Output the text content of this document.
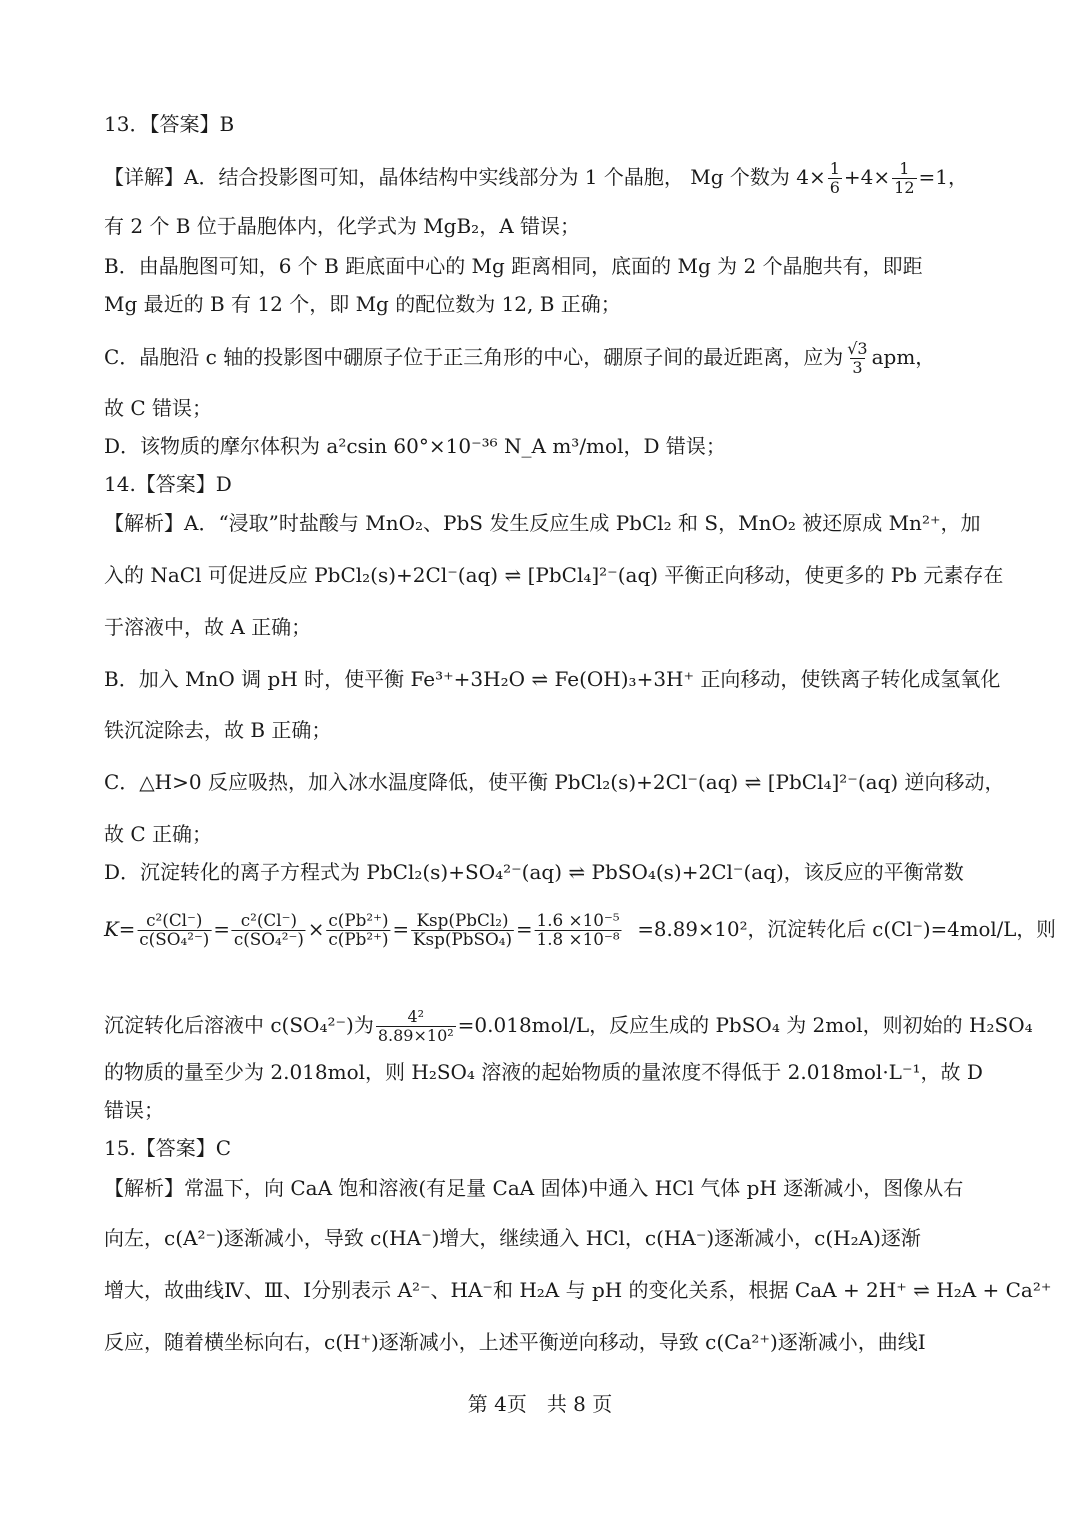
13．【答案】B
【详解】A．结合投影图可知，晶体结构中实线部分为 1 个晶胞， Mg 个数为 $4\times \frac{1}{6} +4\times \frac{1}{12} =1$，
有 2 个 B 位于晶胞体内，化学式为 MgB₂，A 错误；
B．由晶胞图可知，6 个 B 距底面中心的 Mg 距离相同，底面的 Mg 为 2 个晶胞共有，即距
Mg 最近的 B 有 12 个，即 Mg 的配位数为 12, B 正确；
C．晶胞沿 c 轴的投影图中硼原子位于正三角形的中心，硼原子间的最近距离，应为 $\frac{√3}{3}$ apm，
故 C 错误；
D．该物质的摩尔体积为 a²csin 60°×10⁻³⁶ N_A m³/mol，D 错误；
14.【答案】D
【解析】A．“浸取”时盐酸与 MnO₂、PbS 发生反应生成 PbCl₂ 和 S，MnO₂ 被还原成 Mn²⁺，加
入的 NaCl 可促进反应 PbCl₂(s)+2Cl⁻(aq) ⇌ [PbCl₄]²⁻(aq) 平衡正向移动，使更多的 Pb 元素存在
于溶液中，故 A 正确；
B．加入 MnO 调 pH 时，使平衡 Fe³⁺+3H₂O ⇌ Fe(OH)₃+3H⁺ 正向移动，使铁离子转化成氢氧化
铁沉淀除去，故 B 正确；
C．△H>0 反应吸热，加入冰水温度降低，使平衡 PbCl₂(s)+2Cl⁻(aq) ⇌ [PbCl₄]²⁻(aq) 逆向移动，
故 C 正确；
D．沉淀转化的离子方程式为 PbCl₂(s)+SO₄²⁻(aq) ⇌ PbSO₄(s)+2Cl⁻(aq)，该反应的平衡常数
$K= \frac{\text{c²(Cl⁻)}}{\text{c(SO₄²⁻)}} = \frac{\text{c²(Cl⁻)}}{\text{c(SO₄²⁻)}} \times \frac{\text{c(Pb²⁺)}}{\text{c(Pb²⁺)}} = \frac{\text{Ksp(PbCl₂)}}{\text{Ksp(PbSO₄)}} = \frac{\text{1.6 ×10⁻⁵}}{\text{1.8 ×10⁻⁸}} =8.89\times 10^2$，沉淀转化后 c(Cl⁻)=4mol/L，则
沉淀转化后溶液中 c(SO₄²⁻)为 $\frac{\text{4²}}{\text{8.89×10²}} =0.018mol/L$，反应生成的 PbSO₄ 为 2mol，则初始的 H₂SO₄
的物质的量至少为 2.018mol，则 H₂SO₄ 溶液的起始物质的量浓度不得低于 2.018mol·L⁻¹，故 D
错误；
15.【答案】C
【解析】常温下，向 CaA 饱和溶液(有足量 CaA 固体)中通入 HCl 气体 pH 逐渐减小，图像从右
向左，c(A²⁻)逐渐减小，导致 c(HA⁻)增大，继续通入 HCl，c(HA⁻)逐渐减小，c(H₂A)逐渐
增大，故曲线Ⅳ、Ⅲ、Ⅰ分别表示 A²⁻、HA⁻和 H₂A 与 pH 的变化关系，根据 CaA + 2H⁺ ⇌ H₂A + Ca²⁺
反应，随着横坐标向右，c(H⁺)逐渐减小，上述平衡逆向移动，导致 c(Ca²⁺)逐渐减小，曲线Ⅰ
第 4页　共 8 页
